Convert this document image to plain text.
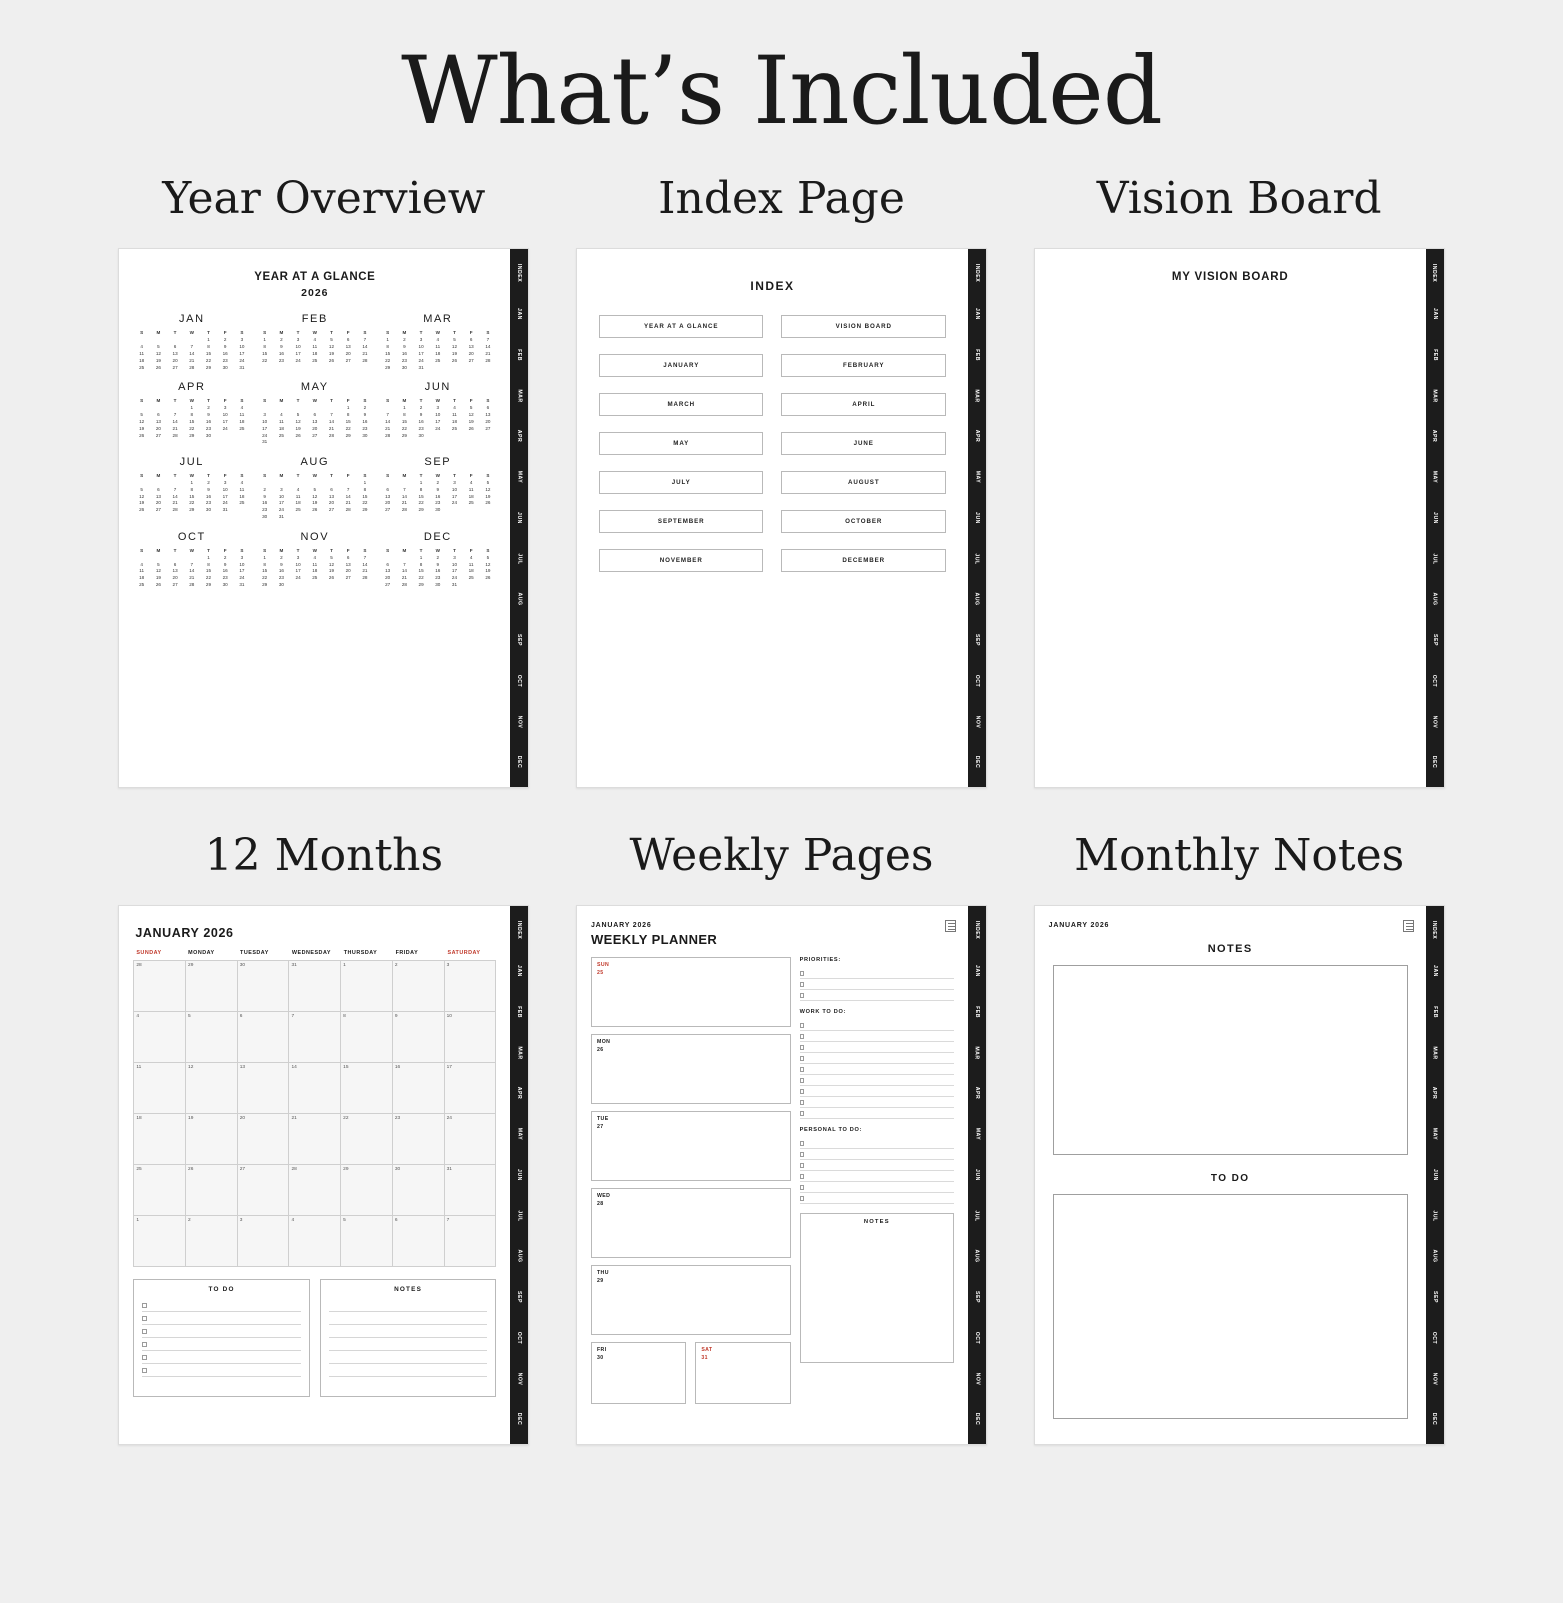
What’s Included
Year Overview
YEAR AT A GLANCE
2026
JAN
S	M	T	W	T	F	S
				1	2	3
4	5	6	7	8	9	10
11	12	13	14	15	16	17
18	19	20	21	22	23	24
25	26	27	28	29	30	31
FEB
S	M	T	W	T	F	S
1	2	3	4	5	6	7
8	9	10	11	12	13	14
15	16	17	18	19	20	21
22	23	24	25	26	27	28
MAR
S	M	T	W	T	F	S
1	2	3	4	5	6	7
8	9	10	11	12	13	14
15	16	17	18	19	20	21
22	23	24	25	26	27	28
29	30	31				
APR
S	M	T	W	T	F	S
			1	2	3	4
5	6	7	8	9	10	11
12	13	14	15	16	17	18
19	20	21	22	23	24	25
26	27	28	29	30		
MAY
S	M	T	W	T	F	S
					1	2
3	4	5	6	7	8	9
10	11	12	13	14	15	16
17	18	19	20	21	22	23
24	25	26	27	28	29	30
31						
JUN
S	M	T	W	T	F	S
	1	2	3	4	5	6
7	8	9	10	11	12	13
14	15	16	17	18	19	20
21	22	23	24	25	26	27
28	29	30				
JUL
S	M	T	W	T	F	S
			1	2	3	4
5	6	7	8	9	10	11
12	13	14	15	16	17	18
19	20	21	22	23	24	25
26	27	28	29	30	31	
AUG
S	M	T	W	T	F	S
						1
2	3	4	5	6	7	8
9	10	11	12	13	14	15
16	17	18	19	20	21	22
23	24	25	26	27	28	29
30	31					
SEP
S	M	T	W	T	F	S
		1	2	3	4	5
6	7	8	9	10	11	12
13	14	15	16	17	18	19
20	21	22	23	24	25	26
27	28	29	30			
OCT
S	M	T	W	T	F	S
				1	2	3
4	5	6	7	8	9	10
11	12	13	14	15	16	17
18	19	20	21	22	23	24
25	26	27	28	29	30	31
NOV
S	M	T	W	T	F	S
1	2	3	4	5	6	7
8	9	10	11	12	13	14
15	16	17	18	19	20	21
22	23	24	25	26	27	28
29	30					
DEC
S	M	T	W	T	F	S
		1	2	3	4	5
6	7	8	9	10	11	12
13	14	15	16	17	18	19
20	21	22	23	24	25	26
27	28	29	30	31		
INDEX
JAN
FEB
MAR
APR
MAY
JUN
JUL
AUG
SEP
OCT
NOV
DEC
Index Page
INDEX
YEAR AT A GLANCE	VISION BOARD
JANUARY	FEBRUARY
MARCH	APRIL
MAY	JUNE
JULY	AUGUST
SEPTEMBER	OCTOBER
NOVEMBER	DECEMBER
INDEX
JAN
FEB
MAR
APR
MAY
JUN
JUL
AUG
SEP
OCT
NOV
DEC
Vision Board
MY VISION BOARD	INDEX
JAN
FEB
MAR
APR
MAY
JUN
JUL
AUG
SEP
OCT
NOV
DEC
12 Months
JANUARY 2026
SUNDAY	MONDAY	TUESDAY	WEDNESDAY	THURSDAY	FRIDAY	SATURDAY
28	29	30	31	1	2	3
4	5	6	7	8	9	10
11	12	13	14	15	16	17
18	19	20	21	22	23	24
25	26	27	28	29	30	31
1	2	3	4	5	6	7
TO DO	NOTES
INDEX
JAN
FEB
MAR
APR
MAY
JUN
JUL
AUG
SEP
OCT
NOV
DEC
Weekly Pages
JANUARY 2026
WEEKLY PLANNER
SUN
25
MON
26
TUE
27
WED
28
THU
29
FRI
30
SAT
31
PRIORITIES:
WORK TO DO:
PERSONAL TO DO:
NOTES
INDEX
JAN
FEB
MAR
APR
MAY
JUN
JUL
AUG
SEP
OCT
NOV
DEC
Monthly Notes
JANUARY 2026
NOTES
TO DO
INDEX
JAN
FEB
MAR
APR
MAY
JUN
JUL
AUG
SEP
OCT
NOV
DEC
